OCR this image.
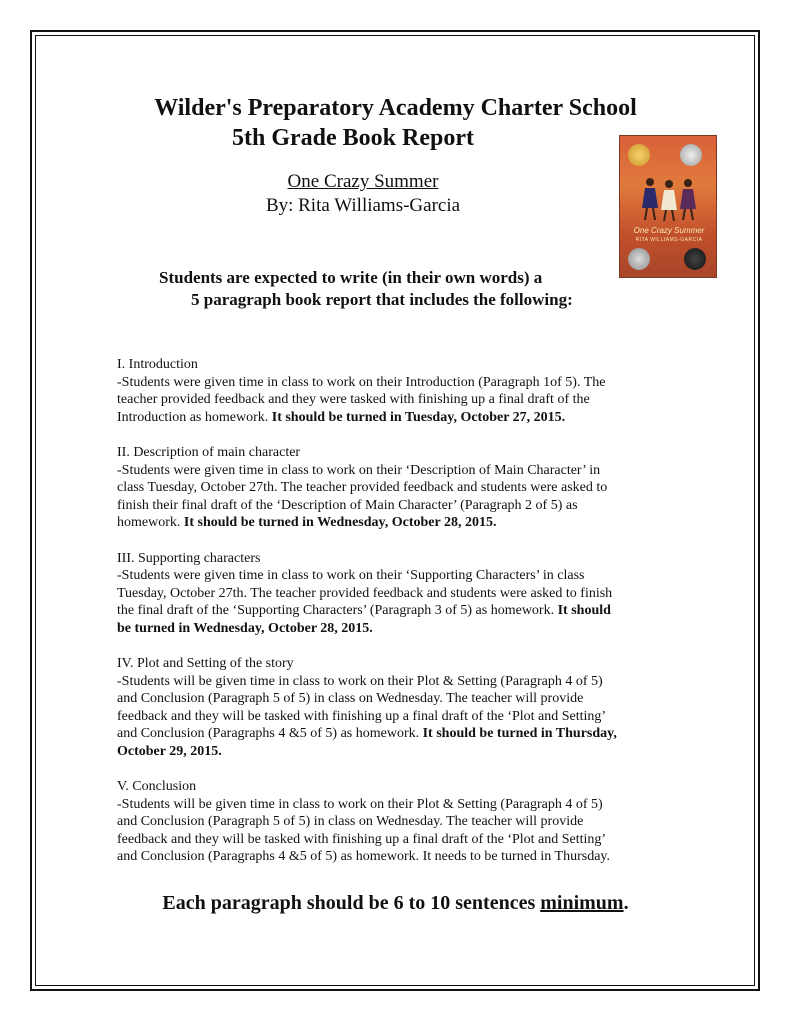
Wilder's Preparatory Academy Charter School
5th Grade Book Report
One Crazy Summer
By: Rita Williams-Garcia
One Crazy Summer
RITA WILLIAMS-GARCIA
Students are expected to write (in their own words) a
5 paragraph book report that includes the following:
I. Introduction
-Students were given time in class to work on their Introduction (Paragraph 1of 5). The
teacher provided feedback and they were tasked with finishing up a final draft of the
Introduction as homework. It should be turned in Tuesday, October 27, 2015.
II. Description of main character
-Students were given time in class to work on their ‘Description of Main Character’ in
class Tuesday, October 27th. The teacher provided feedback and students were asked to
finish their final draft of the ‘Description of Main Character’ (Paragraph 2 of 5) as
homework. It should be turned in Wednesday, October 28, 2015.
III. Supporting characters
-Students were given time in class to work on their ‘Supporting Characters’ in class
Tuesday, October 27th. The teacher provided feedback and students were asked to finish
the final draft of the ‘Supporting Characters’ (Paragraph 3 of 5) as homework. It should
be turned in Wednesday, October 28, 2015.
IV. Plot and Setting of the story
-Students will be given time in class to work on their Plot & Setting (Paragraph 4 of 5)
and Conclusion (Paragraph 5 of 5) in class on Wednesday. The teacher will provide
feedback and they will be tasked with finishing up a final draft of the ‘Plot and Setting’
and Conclusion (Paragraphs 4 &5 of 5) as homework. It should be turned in Thursday,
October 29, 2015.
V. Conclusion
-Students will be given time in class to work on their Plot & Setting (Paragraph 4 of 5)
and Conclusion (Paragraph 5 of 5) in class on Wednesday. The teacher will provide
feedback and they will be tasked with finishing up a final draft of the ‘Plot and Setting’
and Conclusion (Paragraphs 4 &5 of 5) as homework. It needs to be turned in Thursday.
Each paragraph should be 6 to 10 sentences minimum.
